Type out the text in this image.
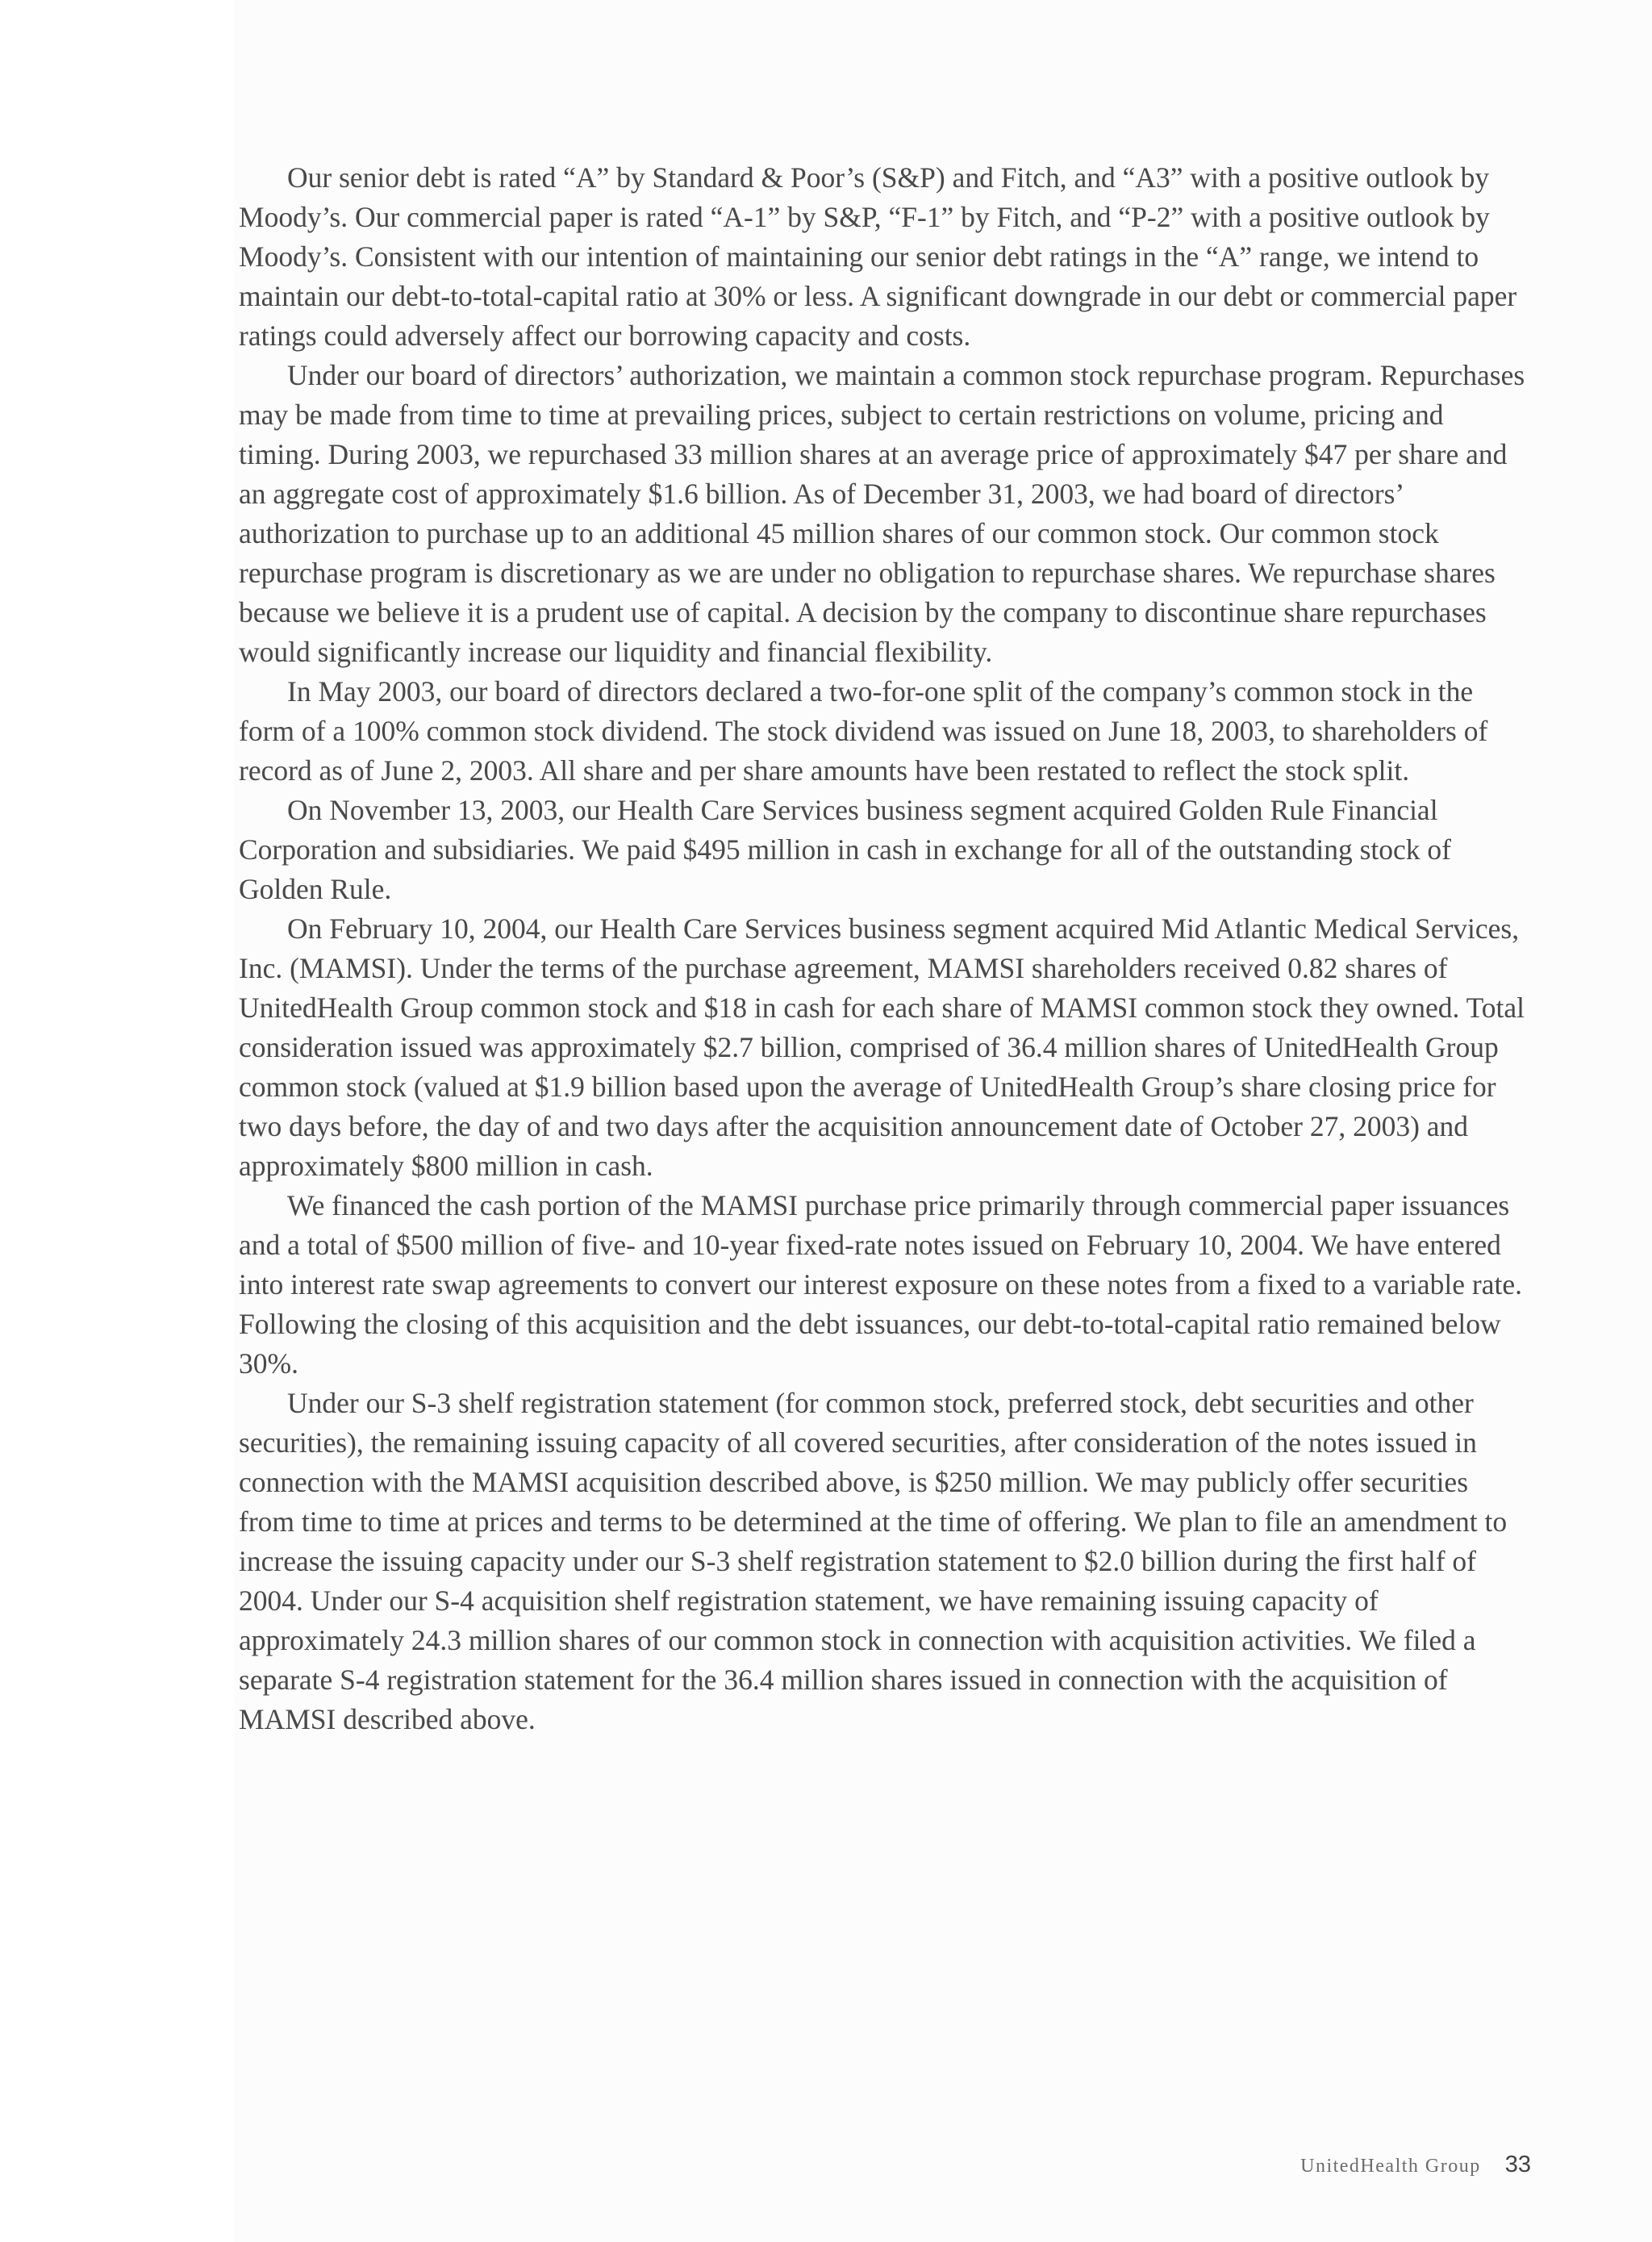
Our senior debt is rated “A” by Standard & Poor’s (S&P) and Fitch, and “A3” with a positive outlook by Moody’s. Our commercial paper is rated “A-1” by S&P, “F-1” by Fitch, and “P-2” with a positive outlook by Moody’s. Consistent with our intention of maintaining our senior debt ratings in the “A” range, we intend to maintain our debt-to-total-capital ratio at 30% or less. A significant downgrade in our debt or commercial paper ratings could adversely affect our borrowing capacity and costs.

Under our board of directors’ authorization, we maintain a common stock repurchase program. Repurchases may be made from time to time at prevailing prices, subject to certain restrictions on volume, pricing and timing. During 2003, we repurchased 33 million shares at an average price of approximately $47 per share and an aggregate cost of approximately $1.6 billion. As of December 31, 2003, we had board of directors’ authorization to purchase up to an additional 45 million shares of our common stock. Our common stock repurchase program is discretionary as we are under no obligation to repurchase shares. We repurchase shares because we believe it is a prudent use of capital. A decision by the company to discontinue share repurchases would significantly increase our liquidity and financial flexibility.

In May 2003, our board of directors declared a two-for-one split of the company’s common stock in the form of a 100% common stock dividend. The stock dividend was issued on June 18, 2003, to shareholders of record as of June 2, 2003. All share and per share amounts have been restated to reflect the stock split.

On November 13, 2003, our Health Care Services business segment acquired Golden Rule Financial Corporation and subsidiaries. We paid $495 million in cash in exchange for all of the outstanding stock of Golden Rule.

On February 10, 2004, our Health Care Services business segment acquired Mid Atlantic Medical Services, Inc. (MAMSI). Under the terms of the purchase agreement, MAMSI shareholders received 0.82 shares of UnitedHealth Group common stock and $18 in cash for each share of MAMSI common stock they owned. Total consideration issued was approximately $2.7 billion, comprised of 36.4 million shares of UnitedHealth Group common stock (valued at $1.9 billion based upon the average of UnitedHealth Group’s share closing price for two days before, the day of and two days after the acquisition announcement date of October 27, 2003) and approximately $800 million in cash.

We financed the cash portion of the MAMSI purchase price primarily through commercial paper issuances and a total of $500 million of five- and 10-year fixed-rate notes issued on February 10, 2004. We have entered into interest rate swap agreements to convert our interest exposure on these notes from a fixed to a variable rate. Following the closing of this acquisition and the debt issuances, our debt-to-total-capital ratio remained below 30%.

Under our S-3 shelf registration statement (for common stock, preferred stock, debt securities and other securities), the remaining issuing capacity of all covered securities, after consideration of the notes issued in connection with the MAMSI acquisition described above, is $250 million. We may publicly offer securities from time to time at prices and terms to be determined at the time of offering. We plan to file an amendment to increase the issuing capacity under our S-3 shelf registration statement to $2.0 billion during the first half of 2004. Under our S-4 acquisition shelf registration statement, we have remaining issuing capacity of approximately 24.3 million shares of our common stock in connection with acquisition activities. We filed a separate S-4 registration statement for the 36.4 million shares issued in connection with the acquisition of MAMSI described above.

UnitedHealth Group 33
